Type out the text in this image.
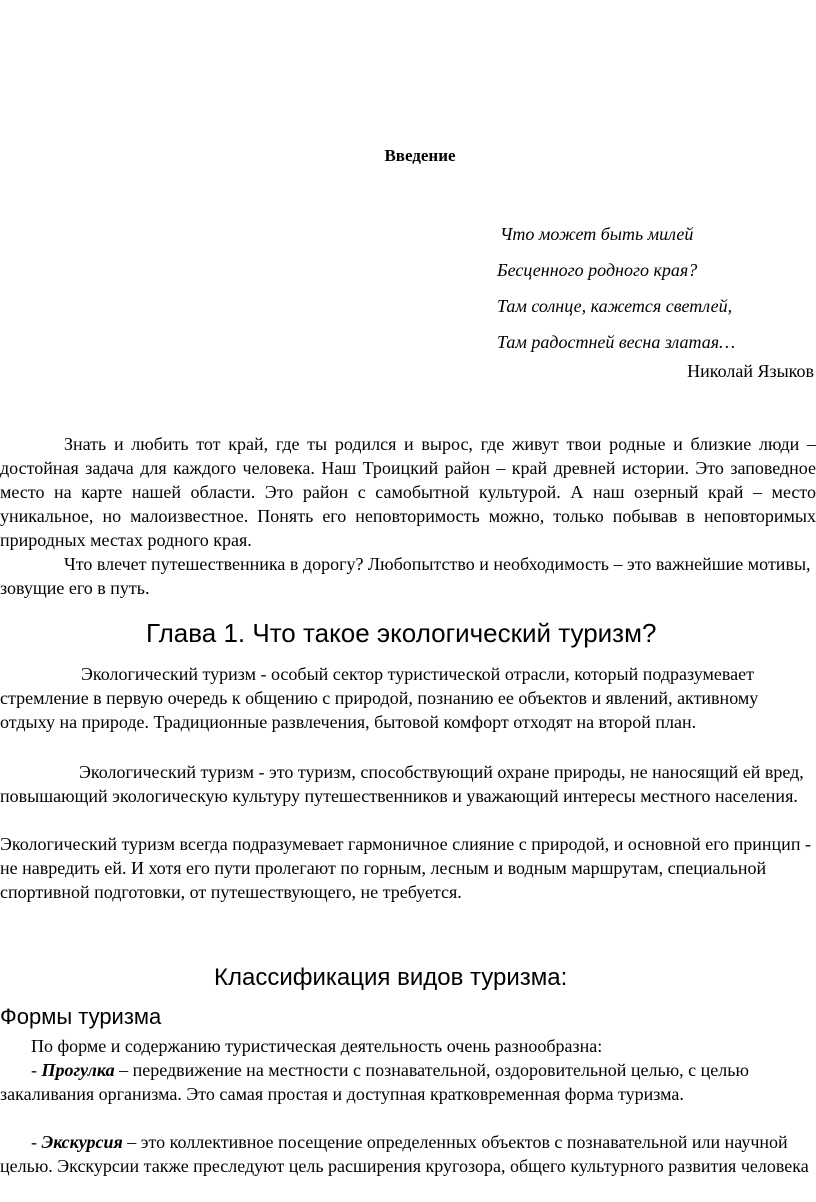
Введение
Что может быть милей
Бесценного родного края?
Там солнце, кажется светлей,
Там радостней весна златая…
Николай Языков

Знать и любить тот край, где ты родился и вырос, где живут твои родные и близкие люди – достойная задача для каждого человека. Наш Троицкий район – край древней истории. Это заповедное место на карте нашей области. Это район с самобытной культурой. А наш озерный край – место уникальное, но малоизвестное. Понять его неповторимость можно, только побывав в неповторимых природных местах родного края.

Что влечет путешественника в дорогу? Любопытство и необходимость – это важнейшие мотивы, зовущие его в путь.

Глава 1. Что такое экологический туризм?

Экологический туризм - особый сектор туристической отрасли, который подразумевает стремление в первую очередь к общению с природой, познанию ее объектов и явлений, активному отдыху на природе. Традиционные развлечения, бытовой комфорт отходят на второй план.

Экологический туризм - это туризм, способствующий охране природы, не наносящий ей вред, повышающий экологическую культуру путешественников и уважающий интересы местного населения.

Экологический туризм всегда подразумевает гармоничное слияние с природой, и основной его принцип - не навредить ей. И хотя его пути пролегают по горным, лесным и водным маршрутам, специальной спортивной подготовки, от путешествующего, не требуется.

Классификация видов туризма:
Формы туризма

По форме и содержанию туристическая деятельность очень разнообразна:

- Прогулка – передвижение на местности с познавательной, оздоровительной целью, с целью закаливания организма. Это самая простая и доступная кратковременная форма туризма.

- Экскурсия – это коллективное посещение определенных объектов с познавательной или научной целью. Экскурсии также преследуют цель расширения кругозора, общего культурного развития человека
